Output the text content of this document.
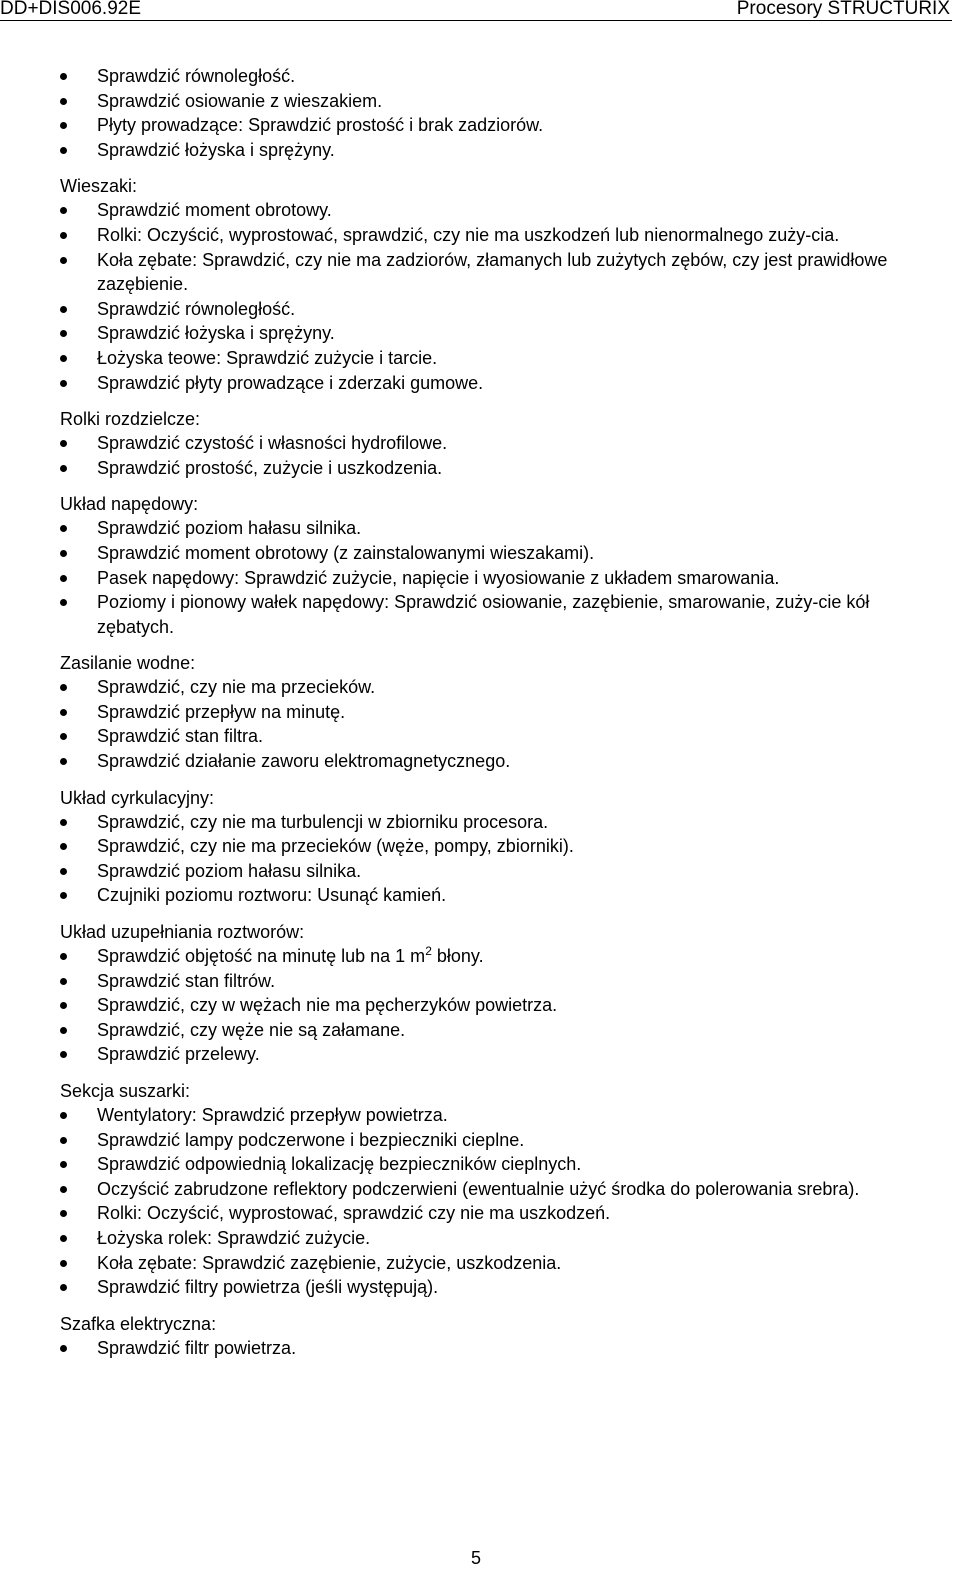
DD+DIS006.92E	Procesory STRUCTURIX
Sprawdzić równoległość.
Sprawdzić osiowanie z wieszakiem.
Płyty prowadzące: Sprawdzić prostość i brak zadziorów.
Sprawdzić łożyska i sprężyny.

Wieszaki:

Sprawdzić moment obrotowy.
Rolki: Oczyścić, wyprostować, sprawdzić, czy nie ma uszkodzeń lub nienormalnego zuży-cia.
Koła zębate: Sprawdzić, czy nie ma zadziorów, złamanych lub zużytych zębów, czy jest prawidłowe zazębienie.
Sprawdzić równoległość.
Sprawdzić łożyska i sprężyny.
Łożyska teowe: Sprawdzić zużycie i tarcie.
Sprawdzić płyty prowadzące i zderzaki gumowe.

Rolki rozdzielcze:

Sprawdzić czystość i własności hydrofilowe.
Sprawdzić prostość, zużycie i uszkodzenia.

Układ napędowy:

Sprawdzić poziom hałasu silnika.
Sprawdzić moment obrotowy (z zainstalowanymi wieszakami).
Pasek napędowy: Sprawdzić zużycie, napięcie i wyosiowanie z układem smarowania.
Poziomy i pionowy wałek napędowy: Sprawdzić osiowanie, zazębienie, smarowanie, zuży-cie kół zębatych.

Zasilanie wodne:

Sprawdzić, czy nie ma przecieków.
Sprawdzić przepływ na minutę.
Sprawdzić stan filtra.
Sprawdzić działanie zaworu elektromagnetycznego.

Układ cyrkulacyjny:

Sprawdzić, czy nie ma turbulencji w zbiorniku procesora.
Sprawdzić, czy nie ma przecieków (węże, pompy, zbiorniki).
Sprawdzić poziom hałasu silnika.
Czujniki poziomu roztworu: Usunąć kamień.

Układ uzupełniania roztworów:

Sprawdzić objętość na minutę lub na 1 $m^2$ błony.
Sprawdzić stan filtrów.
Sprawdzić, czy w wężach nie ma pęcherzyków powietrza.
Sprawdzić, czy węże nie są załamane.
Sprawdzić przelewy.

Sekcja suszarki:

Wentylatory: Sprawdzić przepływ powietrza.
Sprawdzić lampy podczerwone i bezpieczniki cieplne.
Sprawdzić odpowiednią lokalizację bezpieczników cieplnych.
Oczyścić zabrudzone reflektory podczerwieni (ewentualnie użyć środka do polerowania srebra).
Rolki: Oczyścić, wyprostować, sprawdzić czy nie ma uszkodzeń.
Łożyska rolek: Sprawdzić zużycie.
Koła zębate: Sprawdzić zazębienie, zużycie, uszkodzenia.
Sprawdzić filtry powietrza (jeśli występują).

Szafka elektryczna:

Sprawdzić filtr powietrza.
5
